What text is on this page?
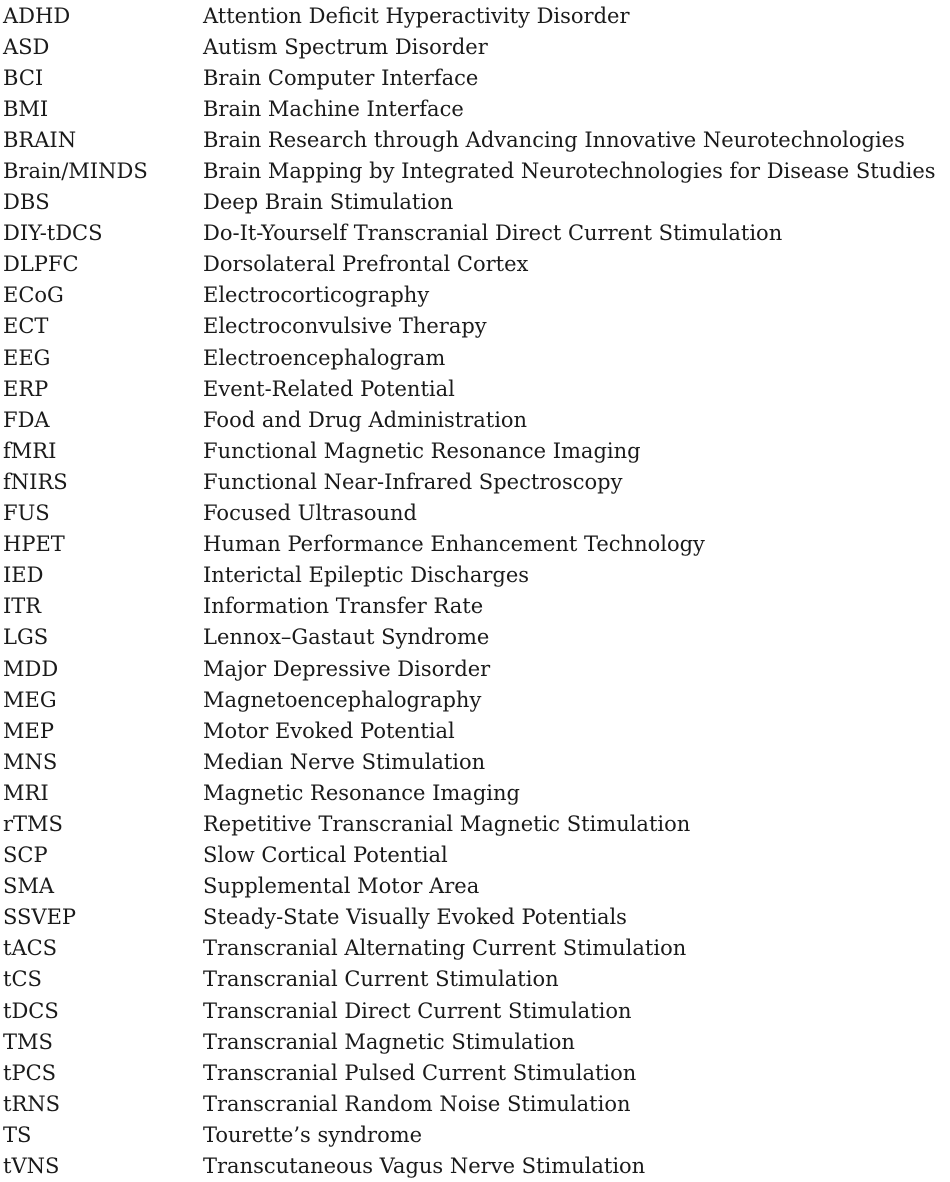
ADHD	Attention Deficit Hyperactivity Disorder
ASD	Autism Spectrum Disorder
BCI	Brain Computer Interface
BMI	Brain Machine Interface
BRAIN	Brain Research through Advancing Innovative Neurotechnologies
Brain/MINDS	Brain Mapping by Integrated Neurotechnologies for Disease Studies
DBS	Deep Brain Stimulation
DIY-tDCS	Do-It-Yourself Transcranial Direct Current Stimulation
DLPFC	Dorsolateral Prefrontal Cortex
ECoG	Electrocorticography
ECT	Electroconvulsive Therapy
EEG	Electroencephalogram
ERP	Event-Related Potential
FDA	Food and Drug Administration
fMRI	Functional Magnetic Resonance Imaging
fNIRS	Functional Near-Infrared Spectroscopy
FUS	Focused Ultrasound
HPET	Human Performance Enhancement Technology
IED	Interictal Epileptic Discharges
ITR	Information Transfer Rate
LGS	Lennox–Gastaut Syndrome
MDD	Major Depressive Disorder
MEG	Magnetoencephalography
MEP	Motor Evoked Potential
MNS	Median Nerve Stimulation
MRI	Magnetic Resonance Imaging
rTMS	Repetitive Transcranial Magnetic Stimulation
SCP	Slow Cortical Potential
SMA	Supplemental Motor Area
SSVEP	Steady-State Visually Evoked Potentials
tACS	Transcranial Alternating Current Stimulation
tCS	Transcranial Current Stimulation
tDCS	Transcranial Direct Current Stimulation
TMS	Transcranial Magnetic Stimulation
tPCS	Transcranial Pulsed Current Stimulation
tRNS	Transcranial Random Noise Stimulation
TS	Tourette’s syndrome
tVNS	Transcutaneous Vagus Nerve Stimulation
